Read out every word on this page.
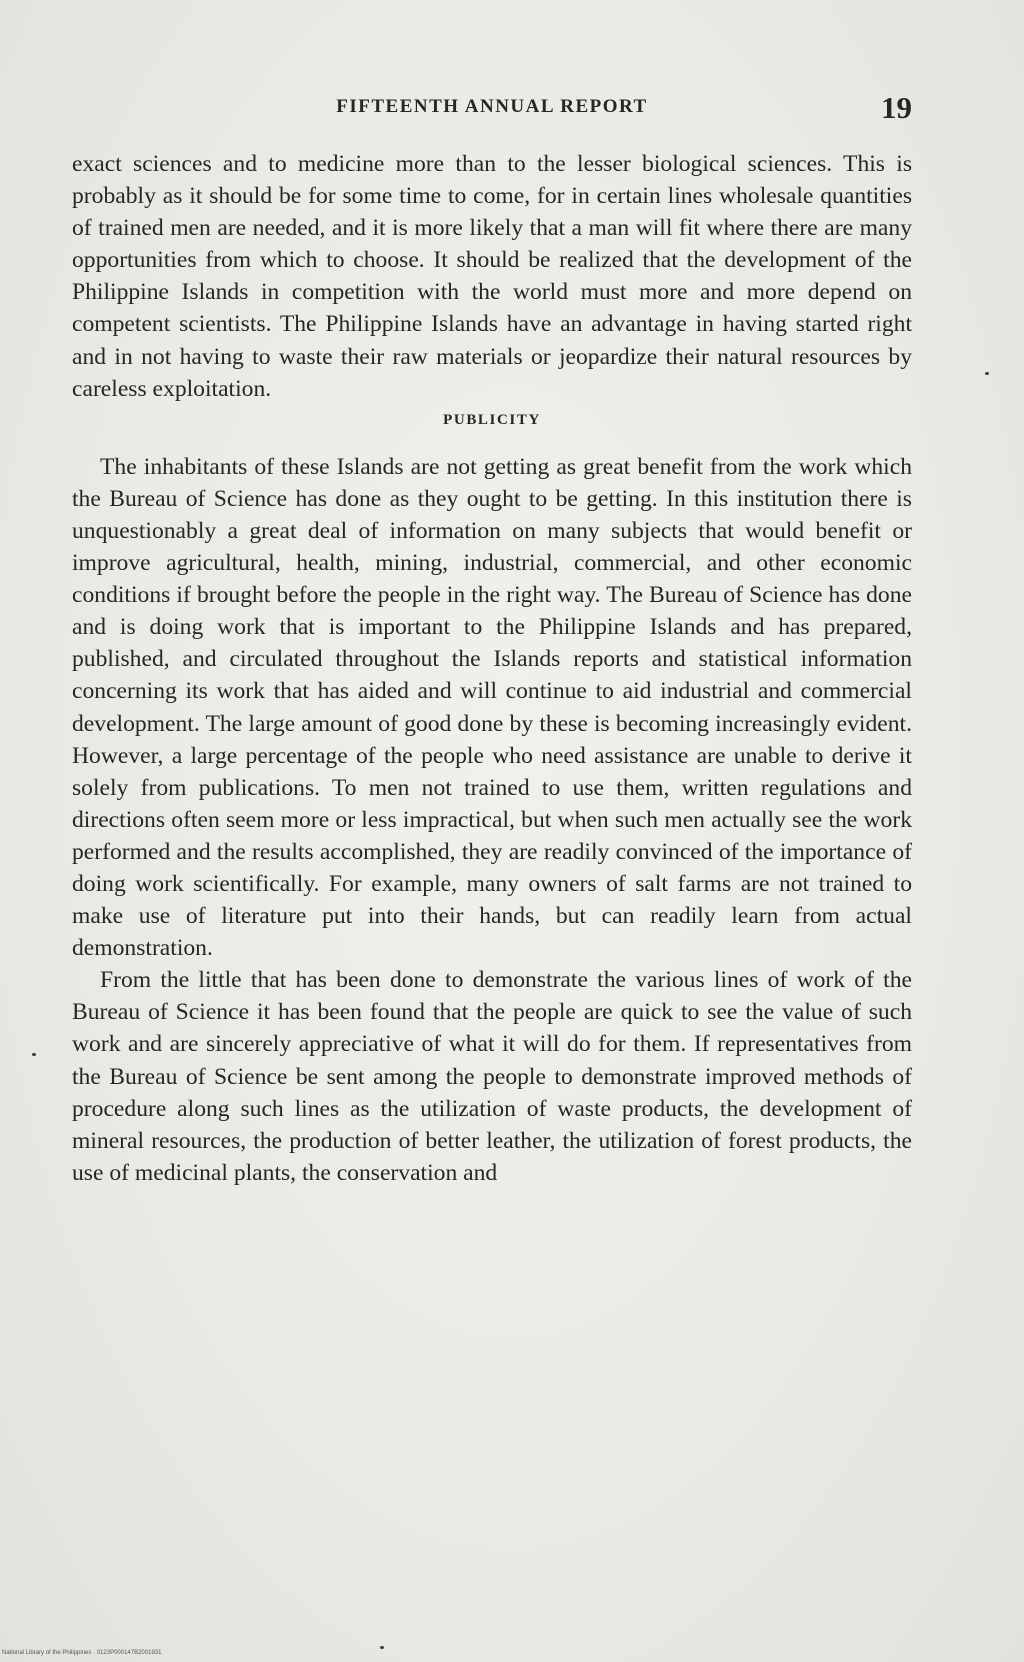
FIFTEENTH ANNUAL REPORT	19

exact sciences and to medicine more than to the lesser biological sciences. This is probably as it should be for some time to come, for in certain lines wholesale quantities of trained men are needed, and it is more likely that a man will fit where there are many opportunities from which to choose. It should be realized that the development of the Philippine Islands in competition with the world must more and more depend on competent scientists. The Philippine Islands have an advantage in having started right and in not having to waste their raw materials or jeopardize their natural resources by careless exploitation.

PUBLICITY

The inhabitants of these Islands are not getting as great benefit from the work which the Bureau of Science has done as they ought to be getting. In this institution there is unquestionably a great deal of information on many subjects that would benefit or improve agricultural, health, mining, industrial, commercial, and other economic conditions if brought before the people in the right way. The Bureau of Science has done and is doing work that is important to the Philippine Islands and has prepared, published, and circulated throughout the Islands reports and statistical information concerning its work that has aided and will continue to aid industrial and commercial development. The large amount of good done by these is becoming increasingly evident. However, a large percentage of the people who need assistance are unable to derive it solely from publications. To men not trained to use them, written regulations and directions often seem more or less impractical, but when such men actually see the work performed and the results accomplished, they are readily convinced of the importance of doing work scientifically. For example, many owners of salt farms are not trained to make use of literature put into their hands, but can readily learn from actual demonstration.

From the little that has been done to demonstrate the various lines of work of the Bureau of Science it has been found that the people are quick to see the value of such work and are sincerely appreciative of what it will do for them. If representatives from the Bureau of Science be sent among the people to demonstrate improved methods of procedure along such lines as the utilization of waste products, the development of mineral resources, the production of better leather, the utilization of forest products, the use of medicinal plants, the conservation and

National Library of the Philippines · 0123P000147B2001931
